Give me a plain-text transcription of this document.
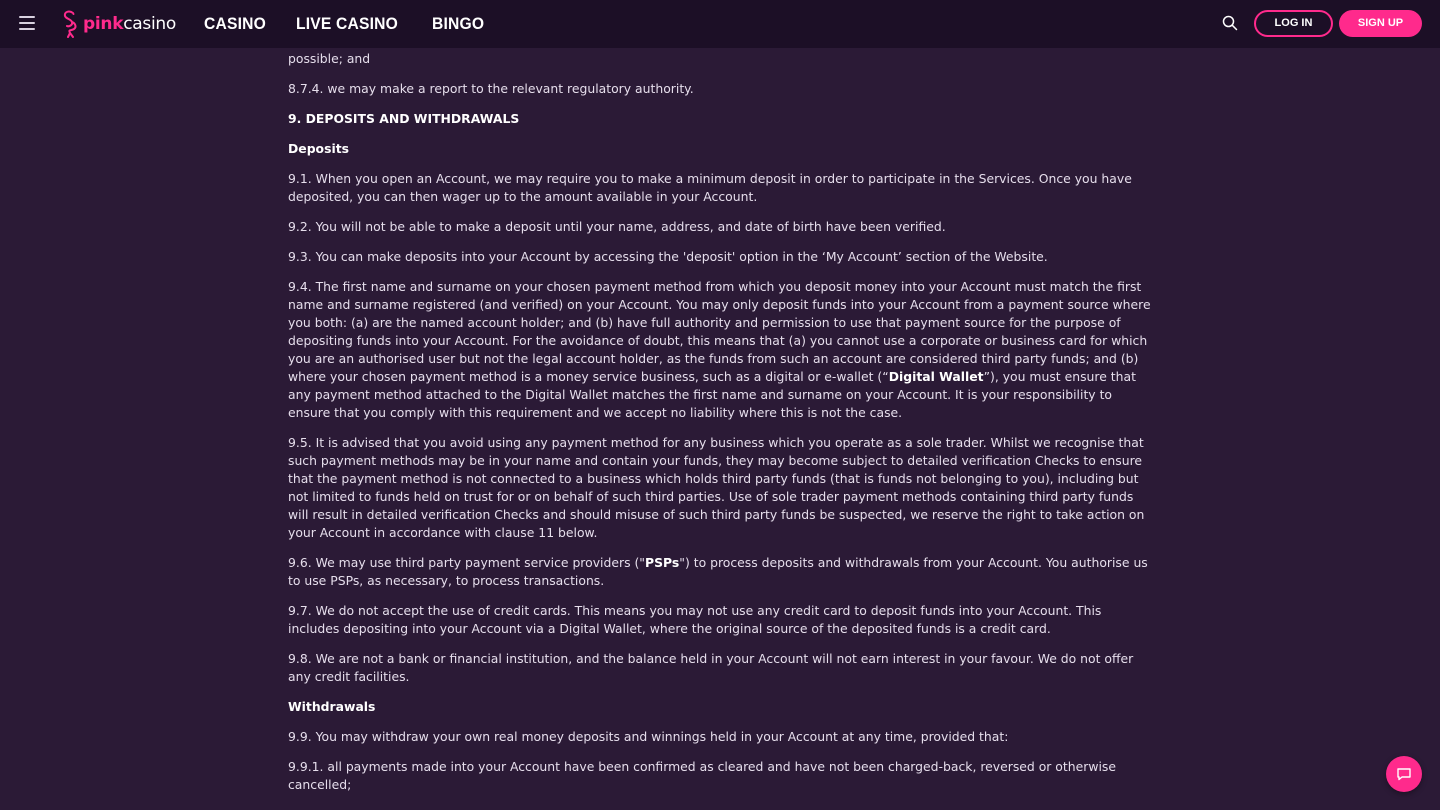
pinkcasino CASINO LIVE CASINO BINGO	LOG IN	SIGN UP

possible; and

8.7.4. we may make a report to the relevant regulatory authority.

9. DEPOSITS AND WITHDRAWALS

Deposits

9.1. When you open an Account, we may require you to make a minimum deposit in order to participate in the Services. Once you have deposited, you can then wager up to the amount available in your Account.

9.2. You will not be able to make a deposit until your name, address, and date of birth have been verified.

9.3. You can make deposits into your Account by accessing the 'deposit' option in the ‘My Account’ section of the Website.

9.4. The first name and surname on your chosen payment method from which you deposit money into your Account must match the first name and surname registered (and verified) on your Account. You may only deposit funds into your Account from a payment source where you both: (a) are the named account holder; and (b) have full authority and permission to use that payment source for the purpose of depositing funds into your Account. For the avoidance of doubt, this means that (a) you cannot use a corporate or business card for which you are an authorised user but not the legal account holder, as the funds from such an account are considered third party funds; and (b) where your chosen payment method is a money service business, such as a digital or e-wallet (“Digital Wallet”), you must ensure that any payment method attached to the Digital Wallet matches the first name and surname on your Account. It is your responsibility to ensure that you comply with this requirement and we accept no liability where this is not the case.

9.5. It is advised that you avoid using any payment method for any business which you operate as a sole trader. Whilst we recognise that such payment methods may be in your name and contain your funds, they may become subject to detailed verification Checks to ensure that the payment method is not connected to a business which holds third party funds (that is funds not belonging to you), including but not limited to funds held on trust for or on behalf of such third parties. Use of sole trader payment methods containing third party funds will result in detailed verification Checks and should misuse of such third party funds be suspected, we reserve the right to take action on your Account in accordance with clause 11 below.

9.6. We may use third party payment service providers ("PSPs") to process deposits and withdrawals from your Account. You authorise us to use PSPs, as necessary, to process transactions.

9.7. We do not accept the use of credit cards. This means you may not use any credit card to deposit funds into your Account. This includes depositing into your Account via a Digital Wallet, where the original source of the deposited funds is a credit card.

9.8. We are not a bank or financial institution, and the balance held in your Account will not earn interest in your favour. We do not offer any credit facilities.

Withdrawals

9.9. You may withdraw your own real money deposits and winnings held in your Account at any time, provided that:

9.9.1. all payments made into your Account have been confirmed as cleared and have not been charged-back, reversed or otherwise cancelled;
